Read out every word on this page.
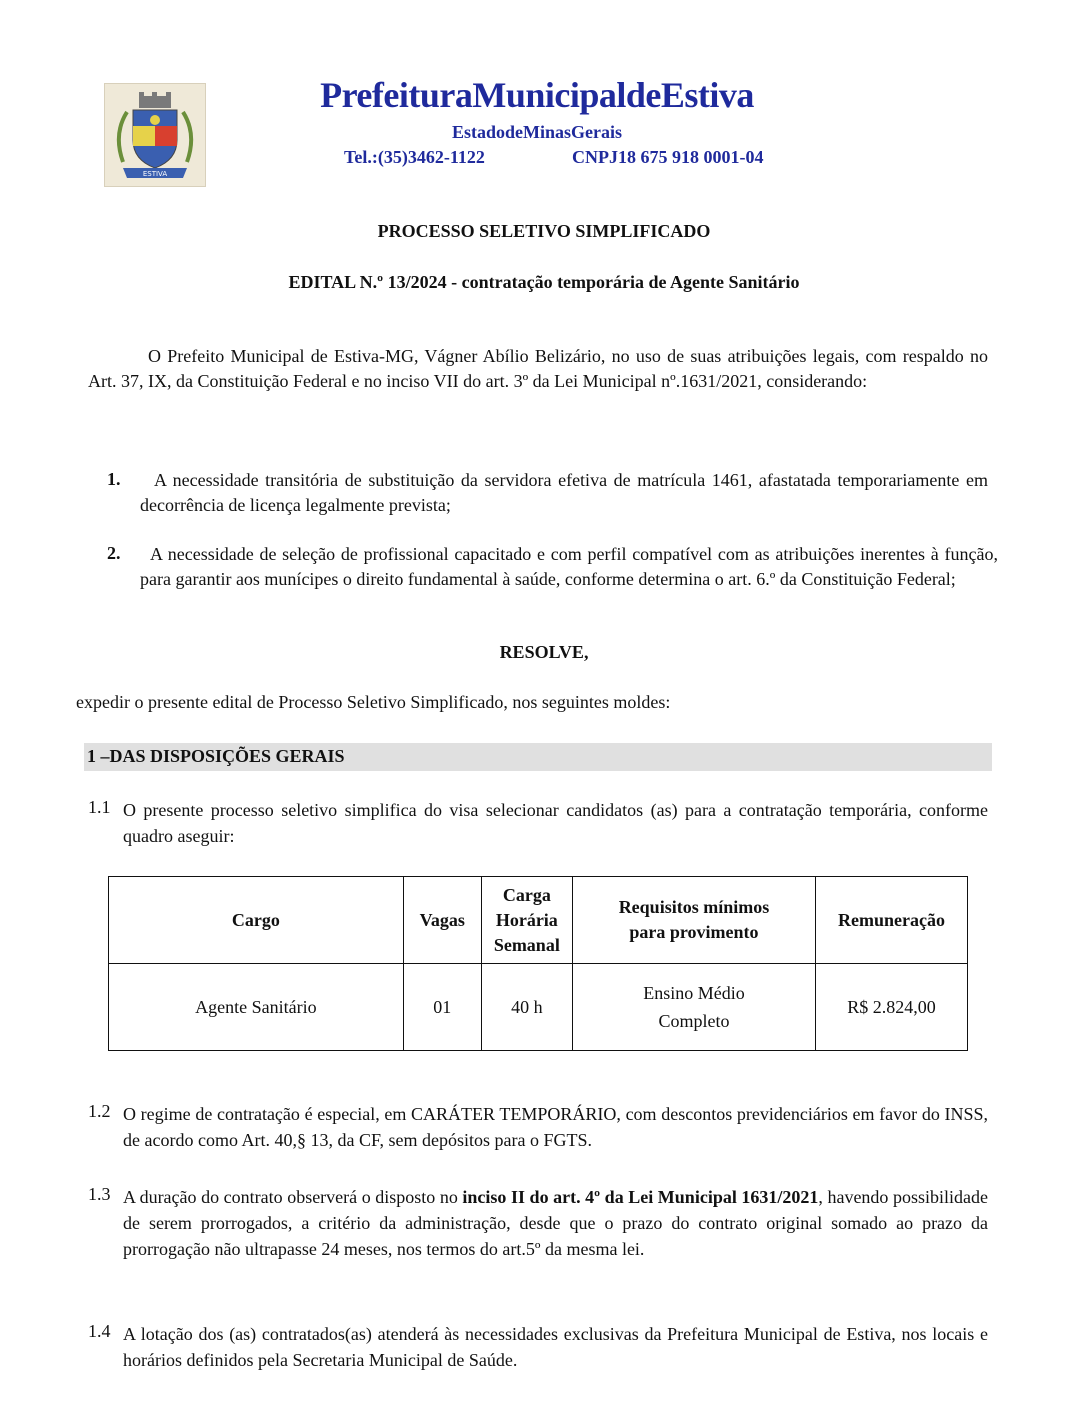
ESTIVA
PrefeituraMunicipaldeEstiva
EstadodeMinasGerais
Tel.:(35)3462-1122	CNPJ18 675 918 0001-04
PROCESSO SELETIVO SIMPLIFICADO
EDITAL N.º 13/2024 - contratação temporária de Agente Sanitário

O Prefeito Municipal de Estiva-MG, Vágner Abílio Belizário, no uso de suas atribuições legais, com respaldo no Art. 37, IX, da Constituição Federal e no inciso VII do art. 3º da Lei Municipal nº.1631/2021, considerando:

1.	A necessidade transitória de substituição da servidora efetiva de matrícula 1461, afastatada temporariamente em decorrência de licença legalmente prevista;

2.	A necessidade de seleção de profissional capacitado e com perfil compatível com as atribuições inerentes à função, para garantir aos munícipes o direito fundamental à saúde, conforme determina o art. 6.º da Constituição Federal;

RESOLVE,

expedir o presente edital de Processo Seletivo Simplificado, nos seguintes moldes:

1 –DAS DISPOSIÇÕES GERAIS
1.1 O presente processo seletivo simplifica do visa selecionar candidatos (as) para a contratação temporária, conforme quadro aseguir:

Cargo	Vagas	Carga Horária Semanal	Requisitos mínimos para provimento	Remuneração
Agente Sanitário	01	40 h	Ensino Médio Completo	R$ 2.824,00
1.2 O regime de contratação é especial, em CARÁTER TEMPORÁRIO, com descontos previdenciários em favor do INSS, de acordo como Art. 40,§ 13, da CF, sem depósitos para o FGTS.

1.3 A duração do contrato observerá o disposto no inciso II do art. 4º da Lei Municipal 1631/2021, havendo possibilidade de serem prorrogados, a critério da administração, desde que o prazo do contrato original somado ao prazo da prorrogação não ultrapasse 24 meses, nos termos do art.5º da mesma lei.

1.4 A lotação dos (as) contratados(as) atenderá às necessidades exclusivas da Prefeitura Municipal de Estiva, nos locais e horários definidos pela Secretaria Municipal de Saúde.
